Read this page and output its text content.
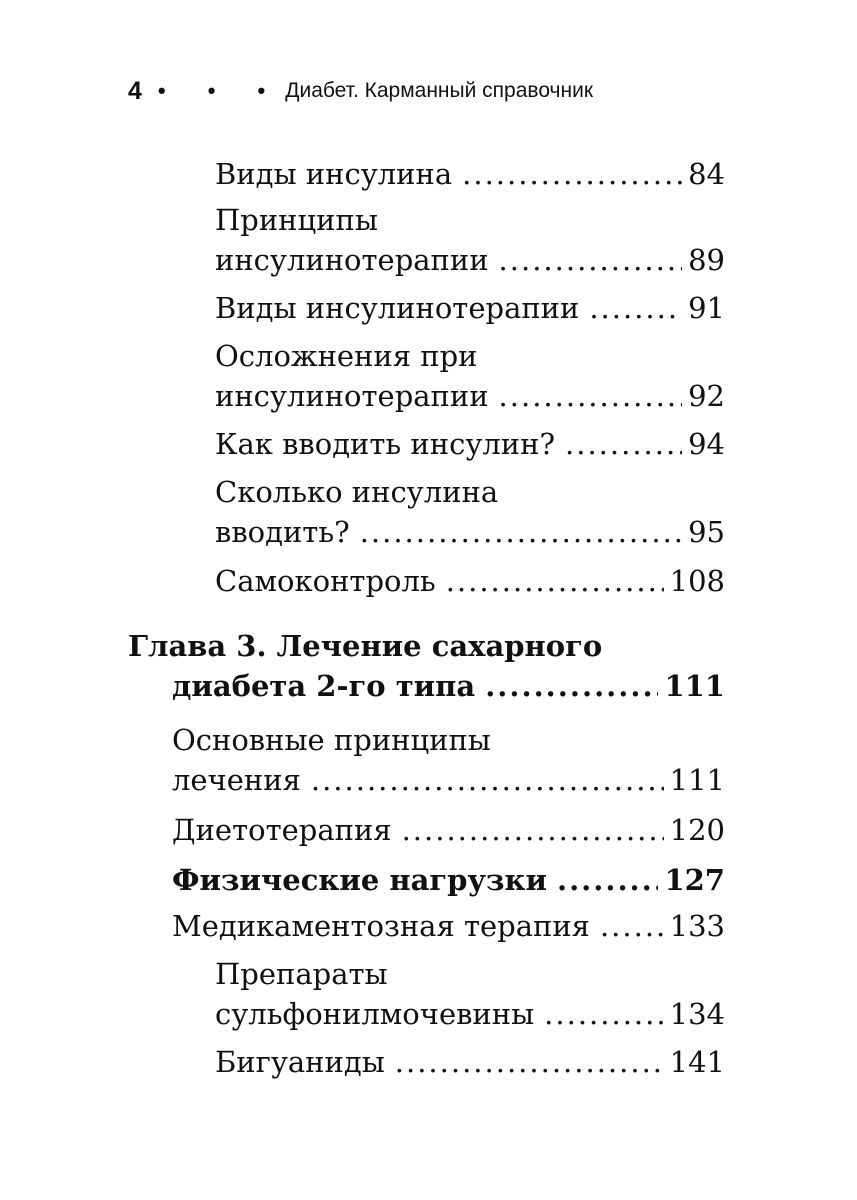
4 • • • Диабет. Карманный справочник
Виды инсулина .....	84
Принципы
инсулинотерапии .....	89
Виды инсулинотерапии .....	91
Осложнения при
инсулинотерапии .....	92
Как вводить инсулин? .....	94
Сколько инсулина
вводить? .....	95
Самоконтроль .....	108
Глава 3. Лечение сахарного
диабета 2-го типа .....	111
Основные принципы
лечения .....	111
Диетотерапия .....	120
Физические нагрузки .....	127
Медикаментозная терапия .....	133
Препараты
сульфонилмочевины .....	134
Бигуаниды .....	141
